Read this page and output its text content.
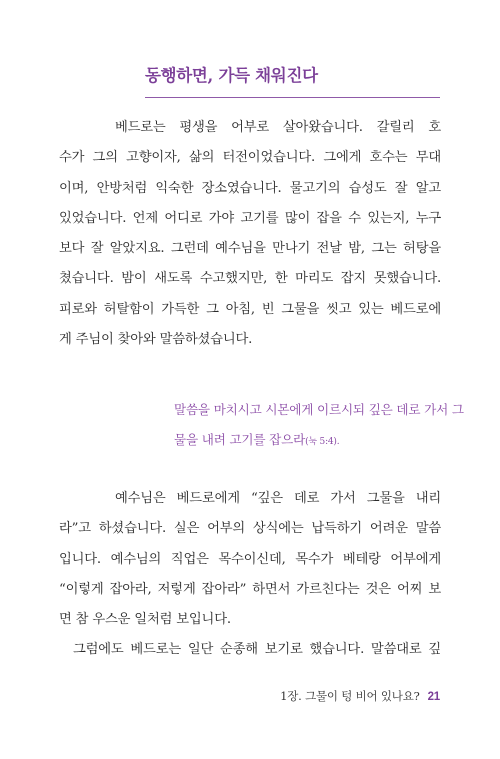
동행하면, 가득 채워진다

베드로는 평생을 어부로 살아왔습니다. 갈릴리 호
수가 그의 고향이자, 삶의 터전이었습니다. 그에게 호수는 무대
이며, 안방처럼 익숙한 장소였습니다. 물고기의 습성도 잘 알고
있었습니다. 언제 어디로 가야 고기를 많이 잡을 수 있는지, 누구
보다 잘 알았지요. 그런데 예수님을 만나기 전날 밤, 그는 허탕을
쳤습니다. 밤이 새도록 수고했지만, 한 마리도 잡지 못했습니다.
피로와 허탈함이 가득한 그 아침, 빈 그물을 씻고 있는 베드로에
게 주님이 찾아와 말씀하셨습니다.

말씀을 마치시고 시몬에게 이르시되 깊은 데로 가서 그
물을 내려 고기를 잡으라(눅 5:4).

예수님은 베드로에게 “깊은 데로 가서 그물을 내리
라”고 하셨습니다. 실은 어부의 상식에는 납득하기 어려운 말씀
입니다. 예수님의 직업은 목수이신데, 목수가 베테랑 어부에게
“이렇게 잡아라, 저렇게 잡아라” 하면서 가르친다는 것은 어찌 보
면 참 우스운 일처럼 보입니다.
그럼에도 베드로는 일단 순종해 보기로 했습니다. 말씀대로 깊

1장. 그물이 텅 비어 있나요? 21
